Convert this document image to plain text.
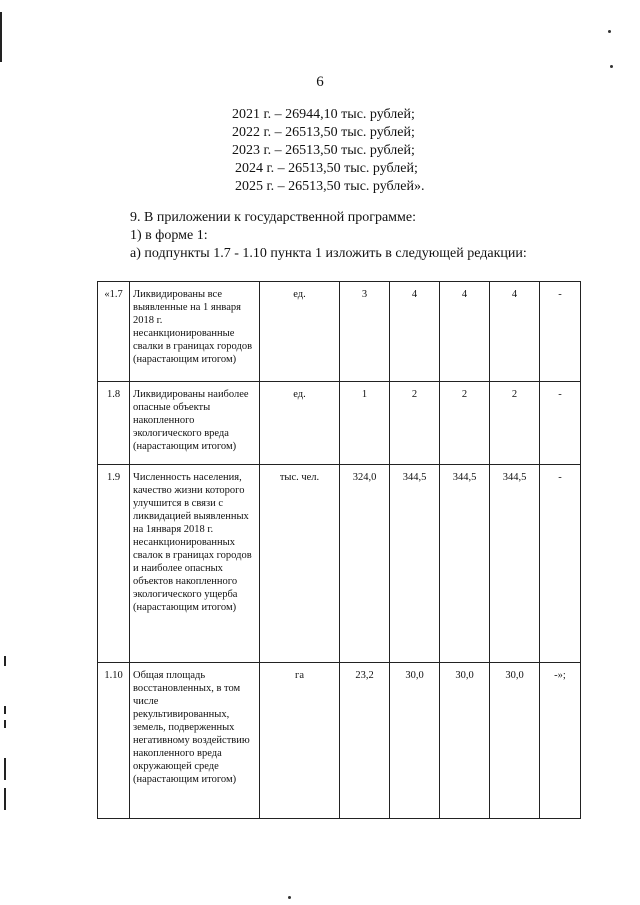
6
2021 г. – 26944,10 тыс. рублей;
2022 г. – 26513,50 тыс. рублей;
2023 г. – 26513,50 тыс. рублей;
2024 г. – 26513,50 тыс. рублей;
2025 г. – 26513,50 тыс. рублей».
9. В приложении к государственной программе:
1) в форме 1:
а) подпункты 1.7 - 1.10 пункта 1 изложить в следующей редакции:
«1.7	Ликвидированы все выявленные на 1 января 2018 г. несанкционированные свалки в границах городов (нарастающим итогом)	ед.	3	4	4	4	-
1.8	Ликвидированы наиболее опасные объекты накопленного экологического вреда (нарастающим итогом)	ед.	1	2	2	2	-
1.9	Численность населения, качество жизни которого улучшится в связи с ликвидацией выявленных на 1января 2018 г. несанкционированных свалок в границах городов и наиболее опасных объектов накопленного экологического ущерба (нарастающим итогом)	тыс. чел.	324,0	344,5	344,5	344,5	-
1.10	Общая площадь восстановленных, в том числе рекультивированных, земель, подверженных негативному воздействию накопленного вреда окружающей среде (нарастающим итогом)	га	23,2	30,0	30,0	30,0	-»;
